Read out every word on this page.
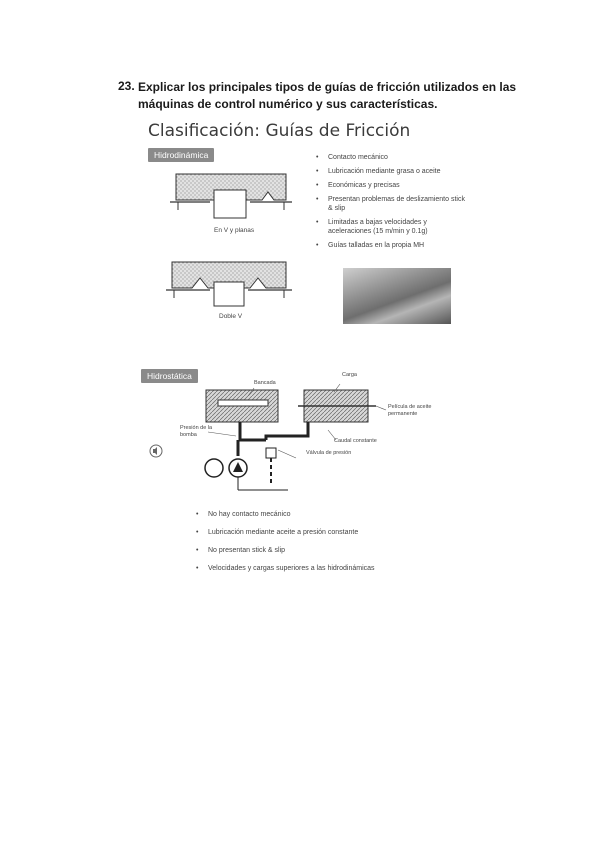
23. Explicar los principales tipos de guías de fricción utilizados en las máquinas de control numérico y sus características.
Clasificación: Guías de Fricción
Hidrodinámica
En V y planas
Doble V
• Contacto mecánico
• Lubricación mediante grasa o aceite
• Económicas y precisas
• Presentan problemas de deslizamiento stick & slip
• Limitadas a bajas velocidades y aceleraciones (15 m/min y 0.1g)
• Guías talladas en la propia MH
Hidrostática
Bancada
Carga
Película de aceite permanente
Presión de la bomba
Caudal constante
Válvula de presión
• No hay contacto mecánico
• Lubricación mediante aceite a presión constante
• No presentan stick & slip
• Velocidades y cargas superiores a las hidrodinámicas
